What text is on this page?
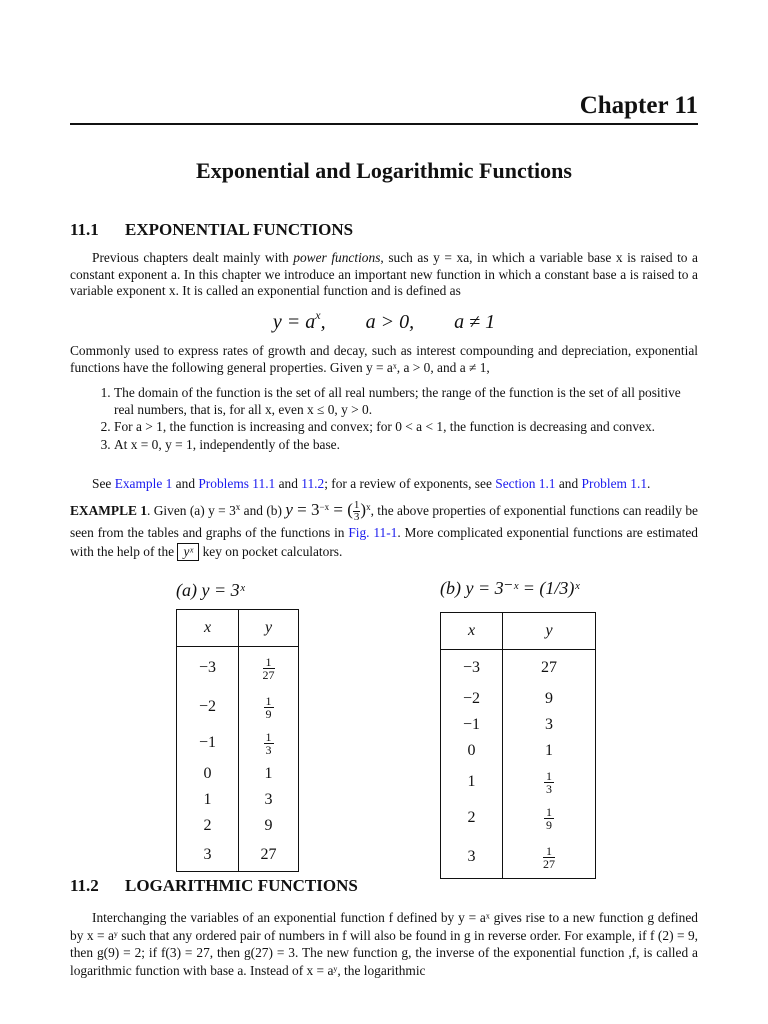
Chapter 11
Exponential and Logarithmic Functions
11.1 EXPONENTIAL FUNCTIONS

Previous chapters dealt mainly with power functions, such as y = xa, in which a variable base x is raised to a constant exponent a. In this chapter we introduce an important new function in which a constant base a is raised to a variable exponent x. It is called an exponential function and is defined as

$y = a^x$, a > 0, a ≠ 1

Commonly used to express rates of growth and decay, such as interest compounding and depreciation, exponential functions have the following general properties. Given y = aˣ, a > 0, and a ≠ 1,

1. The domain of the function is the set of all real numbers; the range of the function is the set of all positive real numbers, that is, for all x, even x ≤ 0, y > 0.
2. For a > 1, the function is increasing and convex; for 0 < a < 1, the function is decreasing and convex.
3. At x = 0, y = 1, independently of the base.

See Example 1 and Problems 11.1 and 11.2; for a review of exponents, see Section 1.1 and Problem 1.1.

EXAMPLE 1. Given (a) $y = 3^x$ and (b) $y = 3^{-x}$ = ( $\frac{1}{3} )^x$, the above properties of exponential functions can readily be seen from the tables and graphs of the functions in Fig. 11-1. More complicated exponential functions are estimated with the help of the yˣ key on pocket calculators.

(a) y = 3ˣ
x	y
−3	$\frac{1}{27}$

−2	$\frac{1}{9}$

−1	$\frac{1}{3}$

0	1
1	3
2	9
3	27
(b) y = 3⁻ˣ = (1/3)ˣ
x	y
−3	27
−2	9
−1	3
0	1
1	$\frac{1}{3}$

2	$\frac{1}{9}$

3	$\frac{1}{27}$
11.2 LOGARITHMIC FUNCTIONS

Interchanging the variables of an exponential function f defined by y = aˣ gives rise to a new function g defined by x = aʸ such that any ordered pair of numbers in f will also be found in g in reverse order. For example, if f (2) = 9, then g(9) = 2; if f(3) = 27, then g(27) = 3. The new function g, the inverse of the exponential function ,f, is called a logarithmic function with base a. Instead of x = aʸ, the logarithmic
